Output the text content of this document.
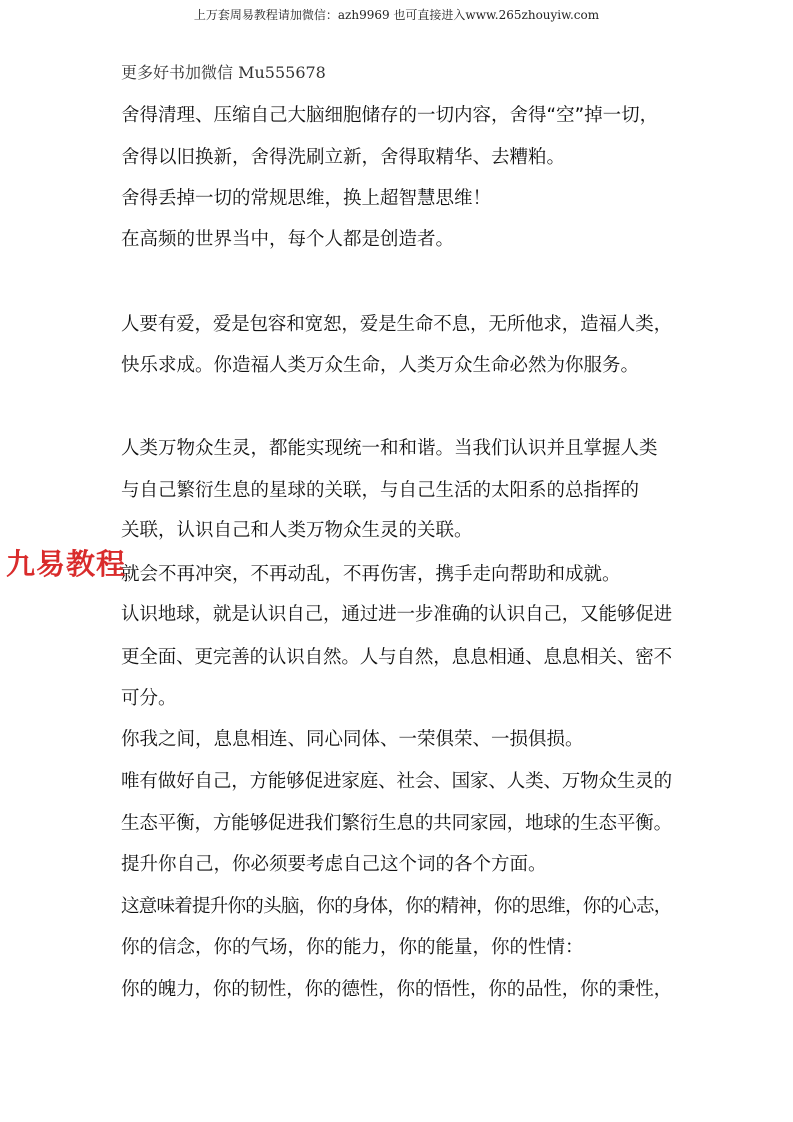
上万套周易教程请加微信：azh9969 也可直接进入www.265zhouyiw.com
更多好书加微信 Mu555678
舍得清理、压缩自己大脑细胞储存的一切内容，舍得“空”掉一切，
舍得以旧换新，舍得洗刷立新，舍得取精华、去糟粕。
舍得丢掉一切的常规思维，换上超智慧思维！
在高频的世界当中，每个人都是创造者。
人要有爱，爱是包容和宽恕，爱是生命不息，无所他求，造福人类，
快乐求成。你造福人类万众生命，人类万众生命必然为你服务。
人类万物众生灵，都能实现统一和和谐。当我们认识并且掌握人类
与自己繁衍生息的星球的关联，与自己生活的太阳系的总指挥的
关联，认识自己和人类万物众生灵的关联。
就会不再冲突，不再动乱，不再伤害，携手走向帮助和成就。
认识地球，就是认识自己，通过进一步准确的认识自己，又能够促进
更全面、更完善的认识自然。人与自然，息息相通、息息相关、密不
可分。
你我之间，息息相连、同心同体、一荣俱荣、一损俱损。
唯有做好自己，方能够促进家庭、社会、国家、人类、万物众生灵的
生态平衡，方能够促进我们繁衍生息的共同家园，地球的生态平衡。
提升你自己，你必须要考虑自己这个词的各个方面。
这意味着提升你的头脑，你的身体，你的精神，你的思维，你的心志，
你的信念，你的气场，你的能力，你的能量，你的性情：
你的魄力，你的韧性，你的德性，你的悟性，你的品性，你的秉性，
九易教程
